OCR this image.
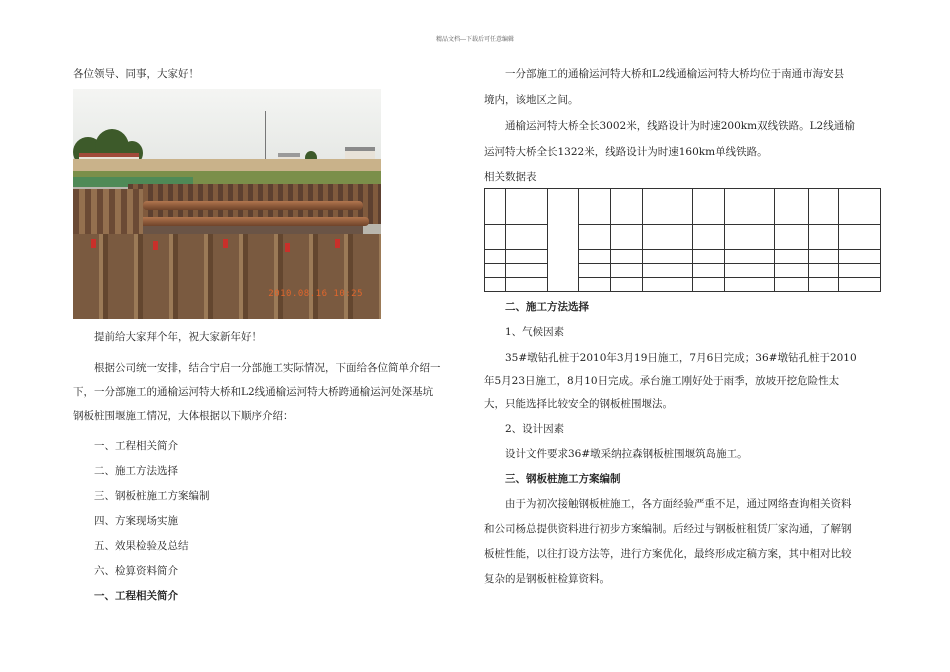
精品文档---下载后可任意编辑

各位领导、同事，大家好！

2010.08.16 10:25

提前给大家拜个年，祝大家新年好！

根据公司统一安排，结合宁启一分部施工实际情况，下面给各位简单介绍一

下，一分部施工的通榆运河特大桥和L2线通榆运河特大桥跨通榆运河处深基坑

钢板桩围堰施工情况，大体根据以下顺序介绍：

一、工程相关简介

二、施工方法选择

三、钢板桩施工方案编制

四、方案现场实施

五、效果检验及总结

六、检算资料简介

一、工程相关简介

一分部施工的通榆运河特大桥和L2线通榆运河特大桥均位于南通市海安县

境内，该地区之间。

通榆运河特大桥全长3002米，线路设计为时速200km双线铁路。L2线通榆

运河特大桥全长1322米，线路设计为时速160km单线铁路。

相关数据表

二、施工方法选择

1、气候因素

35#墩钻孔桩于2010年3月19日施工，7月6日完成；36#墩钻孔桩于2010

年5月23日施工，8月10日完成。承台施工刚好处于雨季，放坡开挖危险性太

大，只能选择比较安全的钢板桩围堰法。

2、设计因素

设计文件要求36#墩采纳拉森钢板桩围堰筑岛施工。

三、钢板桩施工方案编制

由于为初次接触钢板桩施工，各方面经验严重不足，通过网络查询相关资料

和公司杨总提供资料进行初步方案编制。后经过与钢板桩租赁厂家沟通，了解钢

板桩性能，以往打设方法等，进行方案优化，最终形成定稿方案，其中相对比较

复杂的是钢板桩检算资料。
